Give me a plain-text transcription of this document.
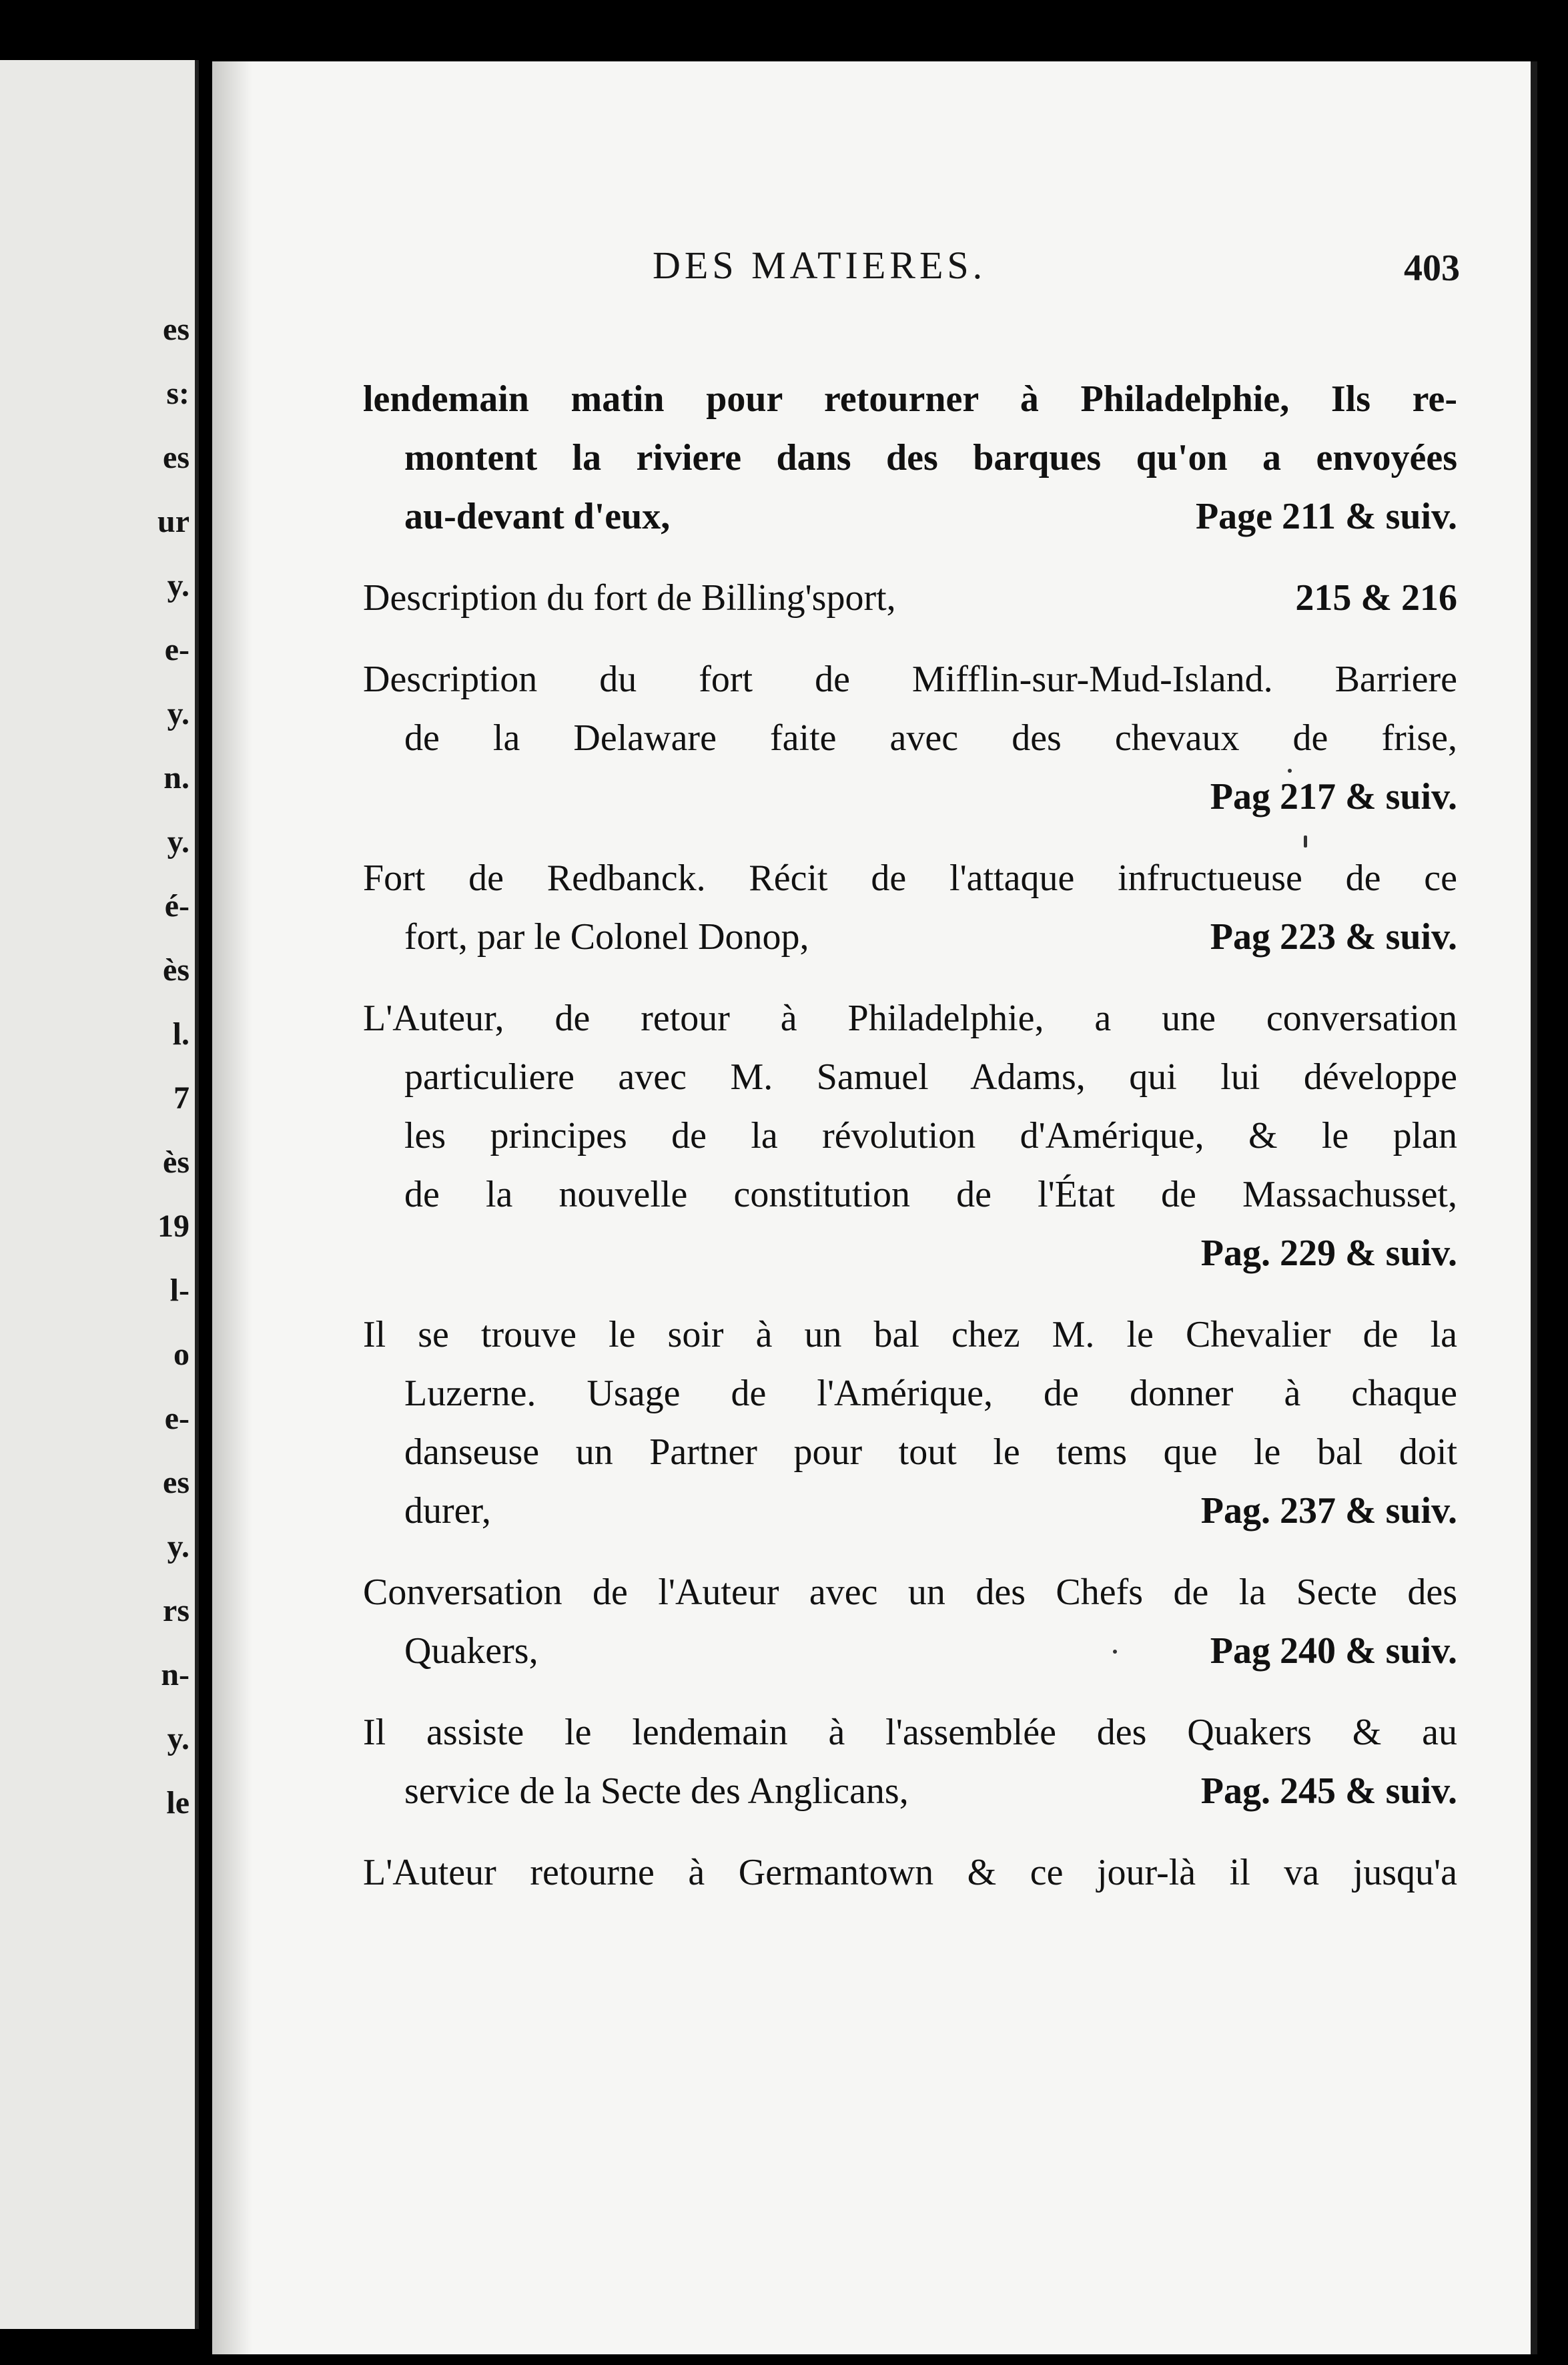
es
s:
es
ur
y.
e-
y.
n.
y.
é-
ès
l.
7
ès
19
l-
o
e-
es
y.
rs
n-
y.
le
DES MATIERES.	403
lendemain matin pour retourner à Philadelphie, Ils re-
montent la riviere dans des barques qu'on a envoyées
au-devant d'eux,	Page 211 & suiv.
Description du fort de Billing'sport,	215 & 216
Description du fort de Mifflin-sur-Mud-Island. Barriere
de la Delaware faite avec des chevaux de frise,
Pag 217 & suiv.
Fort de Redbanck. Récit de l'attaque infructueuse de ce
fort, par le Colonel Donop,	Pag 223 & suiv.
L'Auteur, de retour à Philadelphie, a une conversation
particuliere avec M. Samuel Adams, qui lui développe
les principes de la révolution d'Amérique, & le plan
de la nouvelle constitution de l'État de Massachusset,
Pag. 229 & suiv.
Il se trouve le soir à un bal chez M. le Chevalier de la
Luzerne. Usage de l'Amérique, de donner à chaque
danseuse un Partner pour tout le tems que le bal doit
durer,	Pag. 237 & suiv.
Conversation de l'Auteur avec un des Chefs de la Secte des
Quakers,	Pag 240 & suiv.
Il assiste le lendemain à l'assemblée des Quakers & au
service de la Secte des Anglicans,	Pag. 245 & suiv.
L'Auteur retourne à Germantown & ce jour-là il va jusqu'a
